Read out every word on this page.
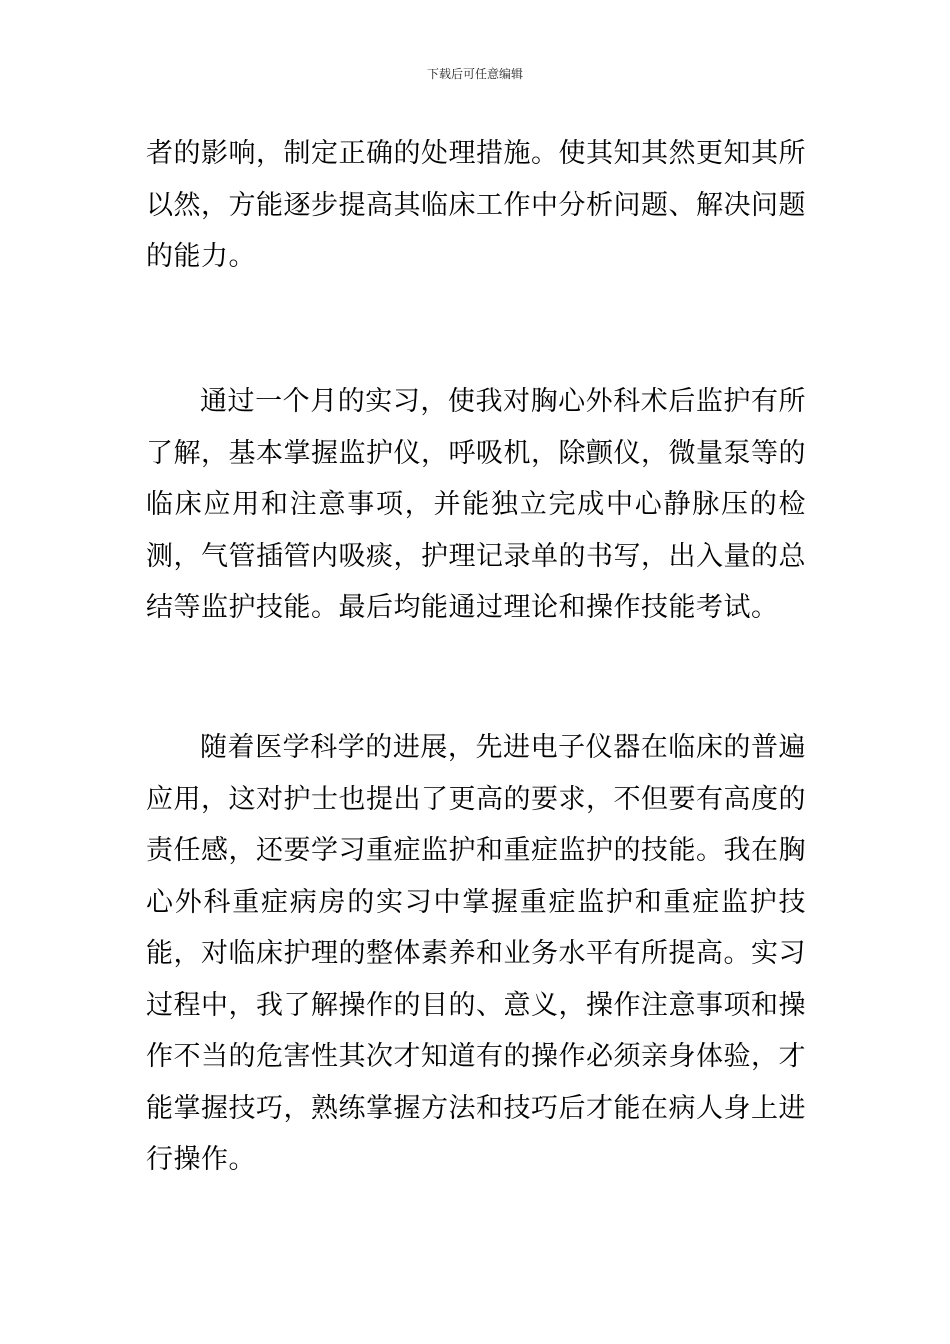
下载后可任意编辑

者的影响，制定正确的处理措施。使其知其然更知其所以然，方能逐步提高其临床工作中分析问题、解决问题的能力。

通过一个月的实习，使我对胸心外科术后监护有所了解，基本掌握监护仪，呼吸机，除颤仪，微量泵等的临床应用和注意事项，并能独立完成中心静脉压的检测，气管插管内吸痰，护理记录单的书写，出入量的总结等监护技能。最后均能通过理论和操作技能考试。

随着医学科学的进展，先进电子仪器在临床的普遍应用，这对护士也提出了更高的要求，不但要有高度的责任感，还要学习重症监护和重症监护的技能。我在胸心外科重症病房的实习中掌握重症监护和重症监护技能，对临床护理的整体素养和业务水平有所提高。实习过程中，我了解操作的目的、意义，操作注意事项和操作不当的危害性其次才知道有的操作必须亲身体验，才能掌握技巧，熟练掌握方法和技巧后才能在病人身上进行操作。
